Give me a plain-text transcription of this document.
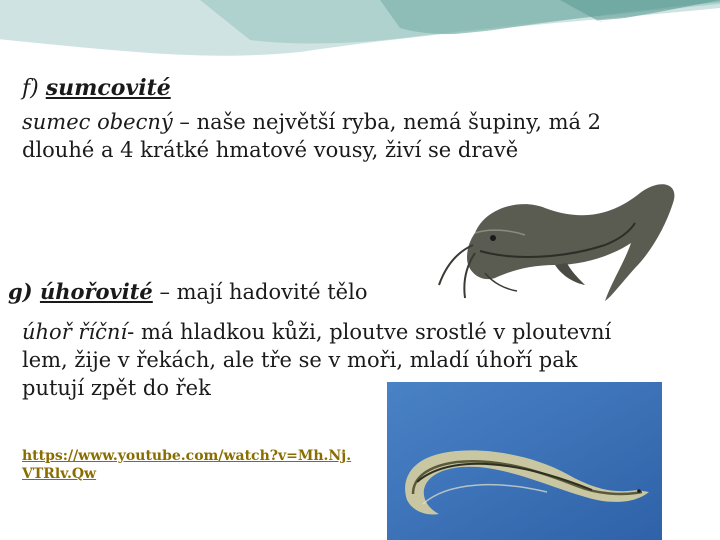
f) sumcovité
sumec obecný – naše největší ryba, nemá šupiny, má 2
dlouhé a 4 krátké hmatové vousy, živí se dravě
g) úhořovité – mají hadovité tělo
úhoř říční- má hladkou kůži, ploutve srostlé v ploutevní
lem, žije v řekách, ale tře se v moři, mladí úhoří pak
putují zpět do řek
https://www.youtube.com/watch?v=Mh.Nj.VTRlv.Qw
